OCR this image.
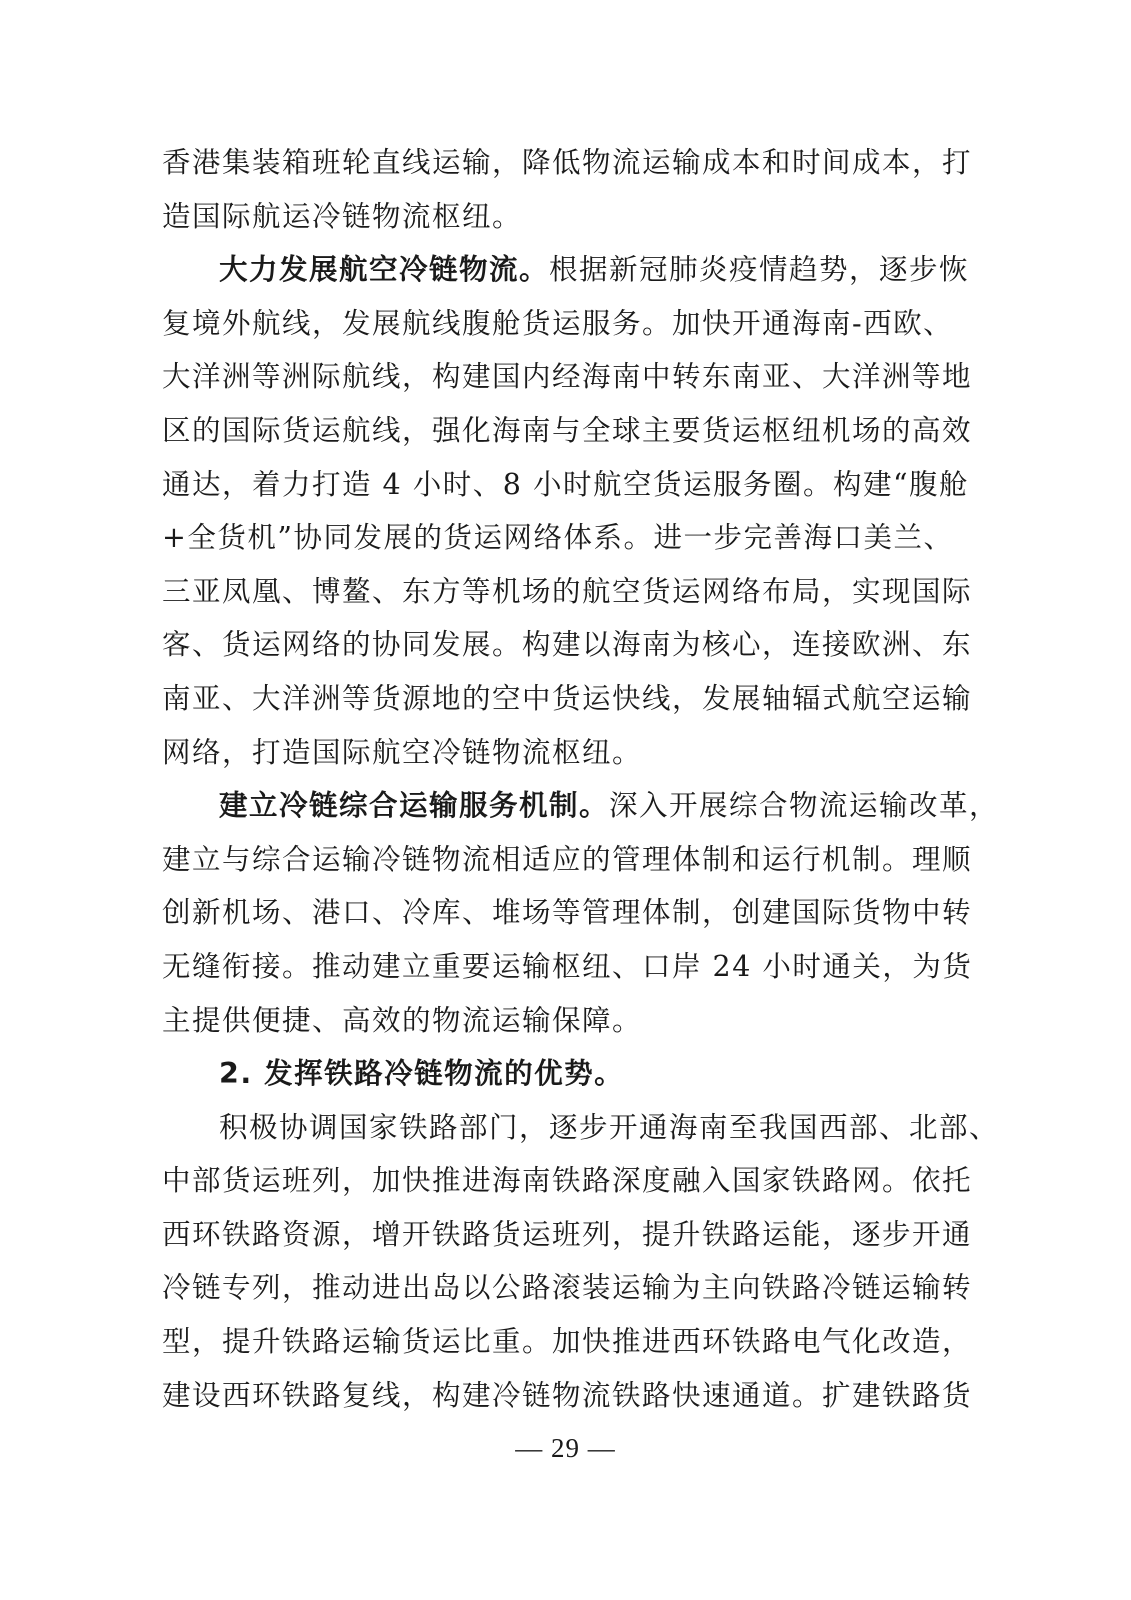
香港集装箱班轮直线运输，降低物流运输成本和时间成本，打
造国际航运冷链物流枢纽。
大力发展航空冷链物流。根据新冠肺炎疫情趋势，逐步恢
复境外航线，发展航线腹舱货运服务。加快开通海南-西欧、
大洋洲等洲际航线，构建国内经海南中转东南亚、大洋洲等地
区的国际货运航线，强化海南与全球主要货运枢纽机场的高效
通达，着力打造 4 小时、8 小时航空货运服务圈。构建“腹舱
+全货机”协同发展的货运网络体系。进一步完善海口美兰、
三亚凤凰、博鳌、东方等机场的航空货运网络布局，实现国际
客、货运网络的协同发展。构建以海南为核心，连接欧洲、东
南亚、大洋洲等货源地的空中货运快线，发展轴辐式航空运输
网络，打造国际航空冷链物流枢纽。
建立冷链综合运输服务机制。深入开展综合物流运输改革，
建立与综合运输冷链物流相适应的管理体制和运行机制。理顺
创新机场、港口、冷库、堆场等管理体制，创建国际货物中转
无缝衔接。推动建立重要运输枢纽、口岸 24 小时通关，为货
主提供便捷、高效的物流运输保障。
2. 发挥铁路冷链物流的优势。
积极协调国家铁路部门，逐步开通海南至我国西部、北部、
中部货运班列，加快推进海南铁路深度融入国家铁路网。依托
西环铁路资源，增开铁路货运班列，提升铁路运能，逐步开通
冷链专列，推动进出岛以公路滚装运输为主向铁路冷链运输转
型，提升铁路运输货运比重。加快推进西环铁路电气化改造，
建设西环铁路复线，构建冷链物流铁路快速通道。扩建铁路货
— 29 —
